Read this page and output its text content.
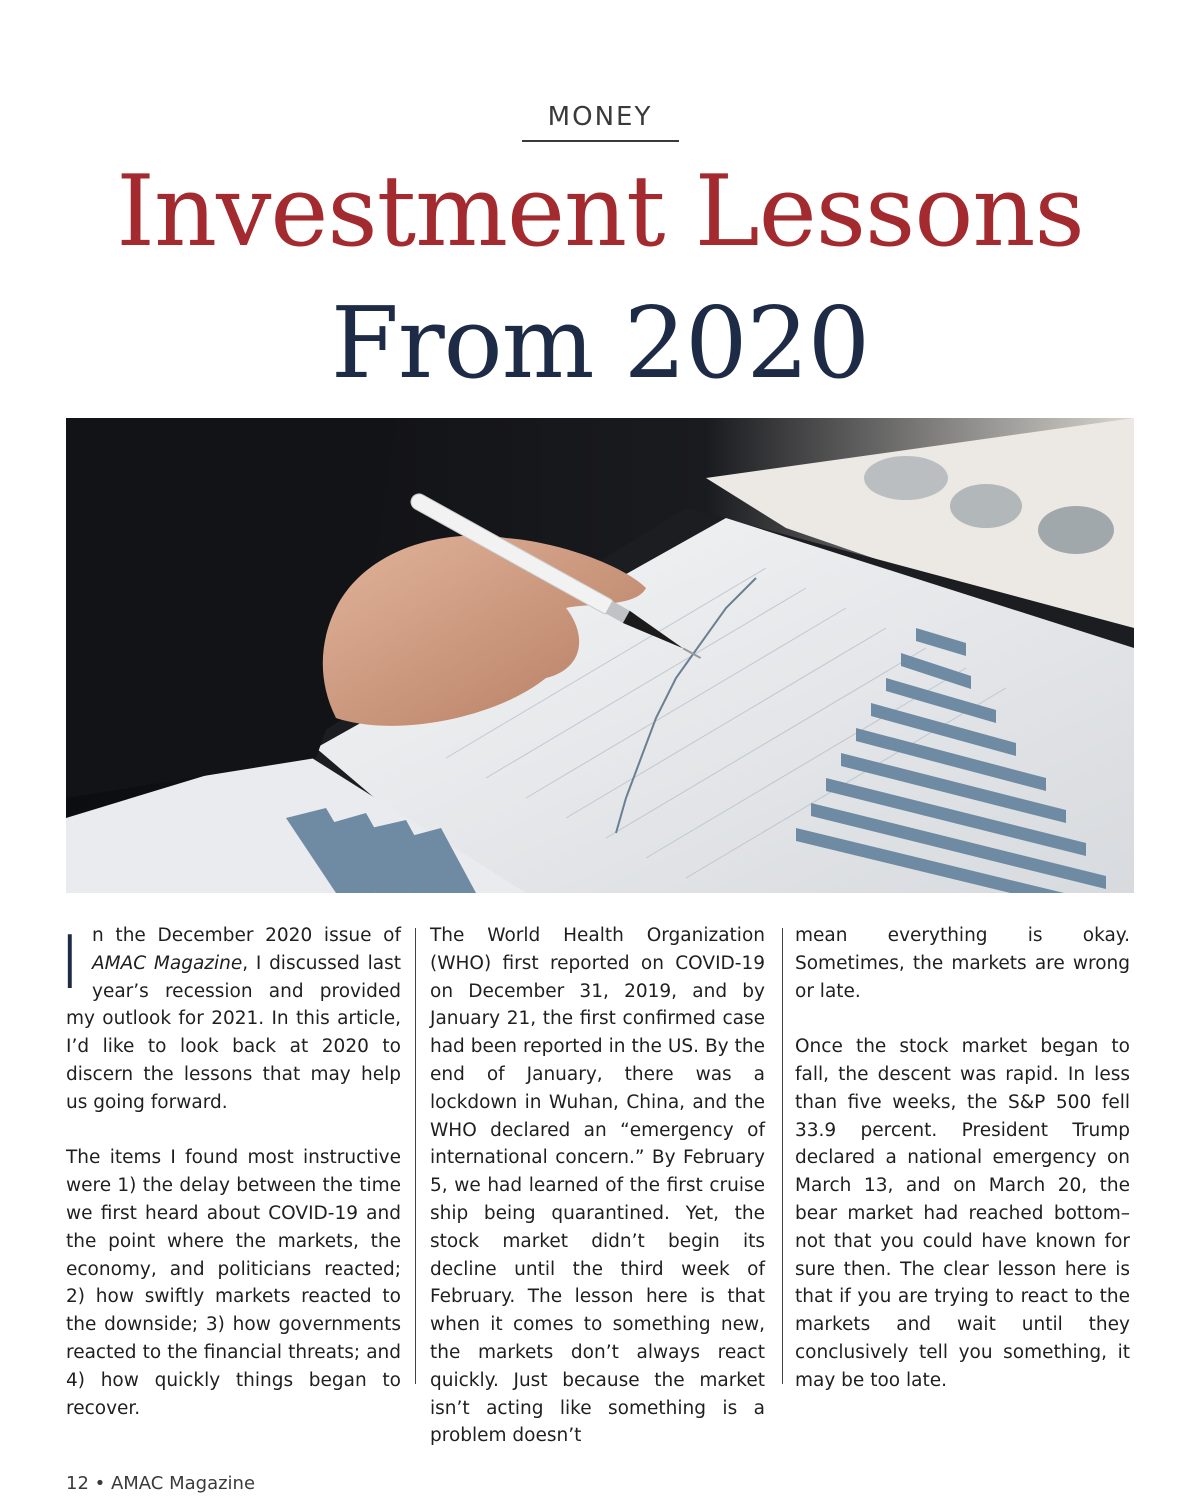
MONEY
Investment Lessons
From 2020

I n the December 2020 issue of AMAC Magazine, I discussed last year’s recession and provided my outlook for 2021. In this article, I’d like to look back at 2020 to discern the lessons that may help us going forward.

The items I found most instructive were 1) the delay between the time we first heard about COVID-19 and the point where the markets, the economy, and politicians reacted; 2) how swiftly markets reacted to the downside; 3) how governments reacted to the financial threats; and 4) how quickly things began to recover.

The World Health Organization (WHO) first reported on COVID-19 on December 31, 2019, and by January 21, the first confirmed case had been reported in the US. By the end of January, there was a lockdown in Wuhan, China, and the WHO declared an “emergency of international concern.” By February 5, we had learned of the first cruise ship being quarantined. Yet, the stock market didn’t begin its decline until the third week of February. The lesson here is that when it comes to something new, the markets don’t always react quickly. Just because the market isn’t acting like something is a problem doesn’t

mean everything is okay. Sometimes, the markets are wrong or late.

Once the stock market began to fall, the descent was rapid. In less than five weeks, the S&P 500 fell 33.9 percent. President Trump declared a national emergency on March 13, and on March 20, the bear market had reached bottom–not that you could have known for sure then. The clear lesson here is that if you are trying to react to the markets and wait until they conclusively tell you something, it may be too late.

12 • AMAC Magazine
